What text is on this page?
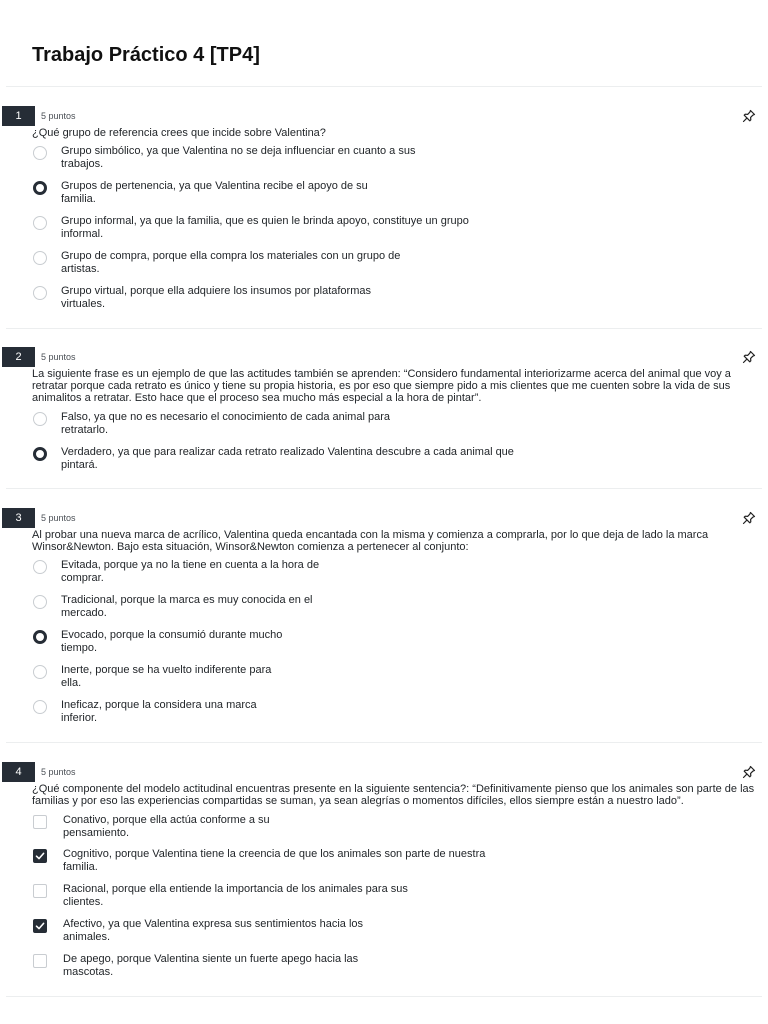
Trabajo Práctico 4 [TP4]
1	5 puntos
¿Qué grupo de referencia crees que incide sobre Valentina?
Grupo simbólico, ya que Valentina no se deja influenciar en cuanto a sus
trabajos.
Grupos de pertenencia, ya que Valentina recibe el apoyo de su
familia.
Grupo informal, ya que la familia, que es quien le brinda apoyo, constituye un grupo
informal.
Grupo de compra, porque ella compra los materiales con un grupo de
artistas.
Grupo virtual, porque ella adquiere los insumos por plataformas
virtuales.
2	5 puntos
La siguiente frase es un ejemplo de que las actitudes también se aprenden: “Considero fundamental interiorizarme acerca del animal que voy a retratar porque cada retrato es único y tiene su propia historia, es por eso que siempre pido a mis clientes que me cuenten sobre la vida de sus animalitos a retratar. Esto hace que el proceso sea mucho más especial a la hora de pintar”.
Falso, ya que no es necesario el conocimiento de cada animal para
retratarlo.
Verdadero, ya que para realizar cada retrato realizado Valentina descubre a cada animal que
pintará.
3	5 puntos
Al probar una nueva marca de acrílico, Valentina queda encantada con la misma y comienza a comprarla, por lo que deja de lado la marca Winsor&Newton. Bajo esta situación, Winsor&Newton comienza a pertenecer al conjunto:
Evitada, porque ya no la tiene en cuenta a la hora de
comprar.
Tradicional, porque la marca es muy conocida en el
mercado.
Evocado, porque la consumió durante mucho
tiempo.
Inerte, porque se ha vuelto indiferente para
ella.
Ineficaz, porque la considera una marca
inferior.
4	5 puntos
¿Qué componente del modelo actitudinal encuentras presente en la siguiente sentencia?: “Definitivamente pienso que los animales son parte de las familias y por eso las experiencias compartidas se suman, ya sean alegrías o momentos difíciles, ellos siempre están a nuestro lado”.
Conativo, porque ella actúa conforme a su
pensamiento.
Cognitivo, porque Valentina tiene la creencia de que los animales son parte de nuestra
familia.
Racional, porque ella entiende la importancia de los animales para sus
clientes.
Afectivo, ya que Valentina expresa sus sentimientos hacia los
animales.
De apego, porque Valentina siente un fuerte apego hacia las
mascotas.
